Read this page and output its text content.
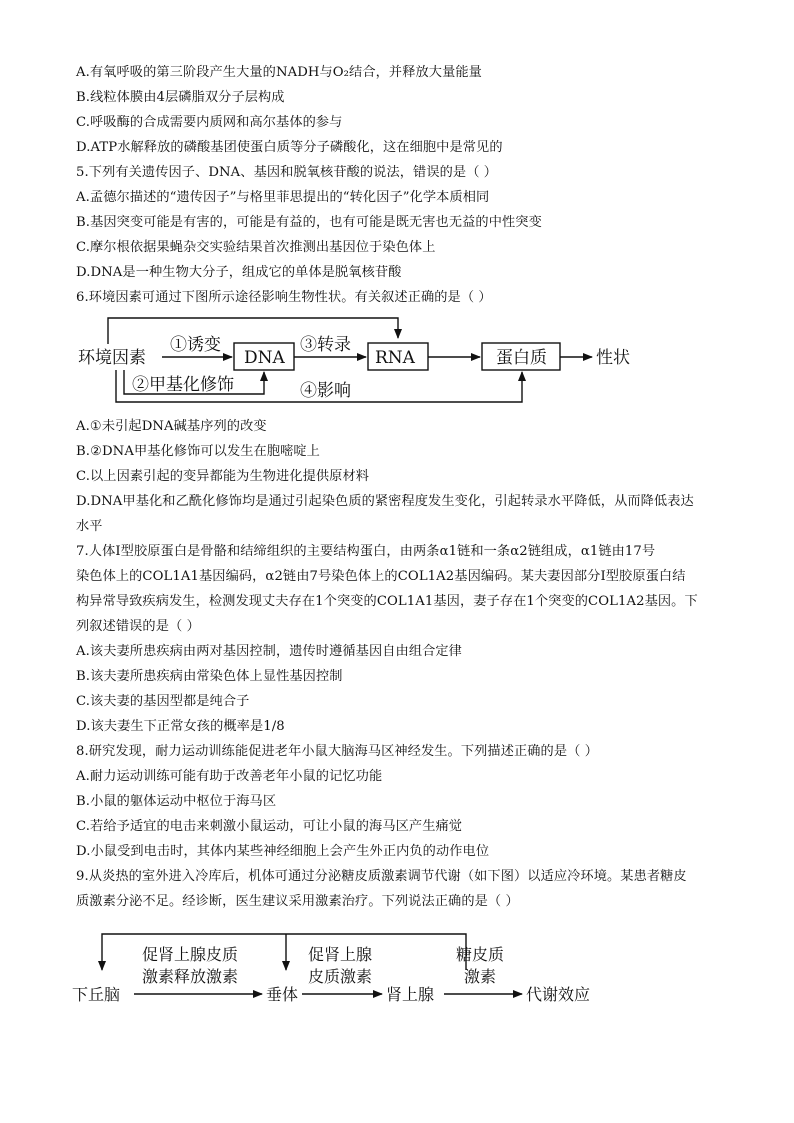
A.有氧呼吸的第三阶段产生大量的NADH与O₂结合，并释放大量能量
B.线粒体膜由4层磷脂双分子层构成
C.呼吸酶的合成需要内质网和高尔基体的参与
D.ATP水解释放的磷酸基团使蛋白质等分子磷酸化，这在细胞中是常见的
5.下列有关遗传因子、DNA、基因和脱氧核苷酸的说法，错误的是（ ）
A.孟德尔描述的“遗传因子”与格里菲思提出的“转化因子”化学本质相同
B.基因突变可能是有害的，可能是有益的，也有可能是既无害也无益的中性突变
C.摩尔根依据果蝇杂交实验结果首次推测出基因位于染色体上
D.DNA是一种生物大分子，组成它的单体是脱氧核苷酸
6.环境因素可通过下图所示途径影响生物性状。有关叙述正确的是（ ）
环境因素
①诱变
DNA
③转录
RNA	蛋白质	性状
②甲基化修饰	④影响
A.①未引起DNA碱基序列的改变
B.②DNA甲基化修饰可以发生在胞嘧啶上
C.以上因素引起的变异都能为生物进化提供原材料
D.DNA甲基化和乙酰化修饰均是通过引起染色质的紧密程度发生变化，引起转录水平降低，从而降低表达
水平
7.人体Ⅰ型胶原蛋白是骨骼和结缔组织的主要结构蛋白，由两条α1链和一条α2链组成，α1链由17号
染色体上的COL1A1基因编码，α2链由7号染色体上的COL1A2基因编码。某夫妻因部分Ⅰ型胶原蛋白结
构异常导致疾病发生，检测发现丈夫存在1个突变的COL1A1基因，妻子存在1个突变的COL1A2基因。下
列叙述错误的是（ ）
A.该夫妻所患疾病由两对基因控制，遗传时遵循基因自由组合定律
B.该夫妻所患疾病由常染色体上显性基因控制
C.该夫妻的基因型都是纯合子
D.该夫妻生下正常女孩的概率是1/8
8.研究发现，耐力运动训练能促进老年小鼠大脑海马区神经发生。下列描述正确的是（ ）
A.耐力运动训练可能有助于改善老年小鼠的记忆功能
B.小鼠的躯体运动中枢位于海马区
C.若给予适宜的电击来刺激小鼠运动，可让小鼠的海马区产生痛觉
D.小鼠受到电击时，其体内某些神经细胞上会产生外正内负的动作电位
9.从炎热的室外进入冷库后，机体可通过分泌糖皮质激素调节代谢（如下图）以适应冷环境。某患者糖皮
质激素分泌不足。经诊断，医生建议采用激素治疗。下列说法正确的是（ ）
下丘脑
促肾上腺皮质
激素释放激素
垂体
促肾上腺
皮质激素
肾上腺
糖皮质
激素
代谢效应
